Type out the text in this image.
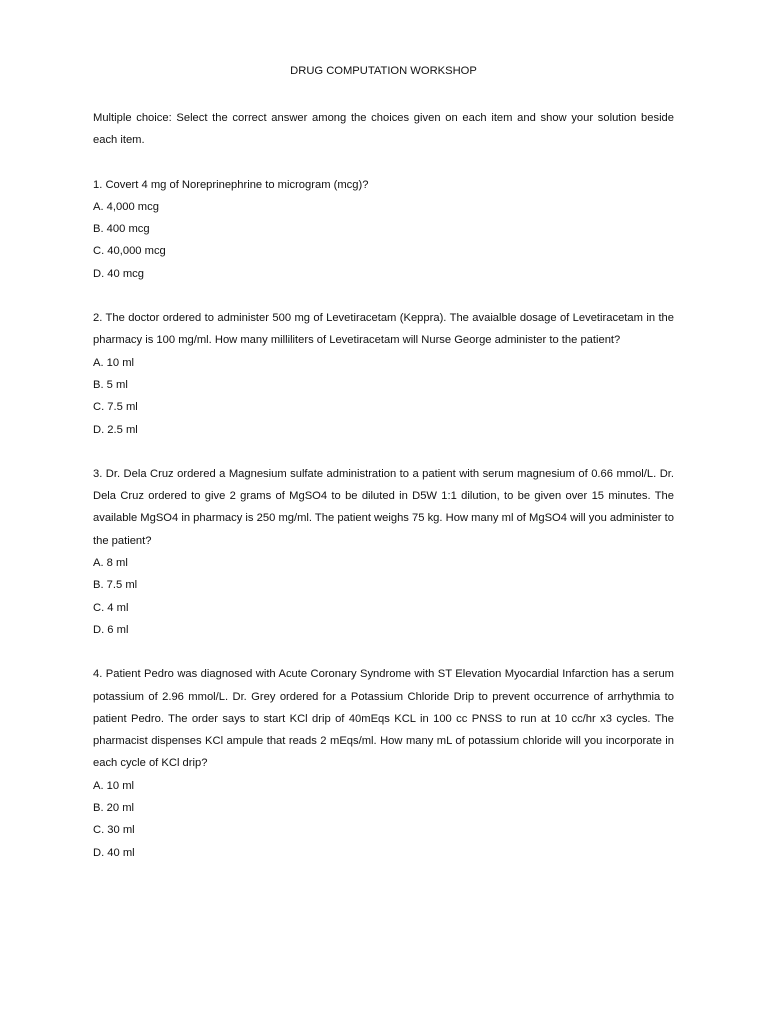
DRUG COMPUTATION WORKSHOP

Multiple choice: Select the correct answer among the choices given on each item and show your solution beside each item.

1. Covert 4 mg of Noreprinephrine to microgram (mcg)?

A. 4,000 mcg
B. 400 mcg
C. 40,000 mcg
D. 40 mcg

2. The doctor ordered to administer 500 mg of Levetiracetam (Keppra). The avaialble dosage of Levetiracetam in the pharmacy is 100 mg/ml. How many milliliters of Levetiracetam will Nurse George administer to the patient?

A. 10 ml
B. 5 ml
C. 7.5 ml
D. 2.5 ml

3. Dr. Dela Cruz ordered a Magnesium sulfate administration to a patient with serum magnesium of 0.66 mmol/L. Dr. Dela Cruz ordered to give 2 grams of MgSO4 to be diluted in D5W 1:1 dilution, to be given over 15 minutes. The available MgSO4 in pharmacy is 250 mg/ml. The patient weighs 75 kg. How many ml of MgSO4 will you administer to the patient?

A. 8 ml
B. 7.5 ml
C. 4 ml
D. 6 ml

4. Patient Pedro was diagnosed with Acute Coronary Syndrome with ST Elevation Myocardial Infarction has a serum potassium of 2.96 mmol/L. Dr. Grey ordered for a Potassium Chloride Drip to prevent occurrence of arrhythmia to patient Pedro. The order says to start KCl drip of 40mEqs KCL in 100 cc PNSS to run at 10 cc/hr x3 cycles. The pharmacist dispenses KCl ampule that reads 2 mEqs/ml. How many mL of potassium chloride will you incorporate in each cycle of KCl drip?

A. 10 ml
B. 20 ml
C. 30 ml
D. 40 ml
